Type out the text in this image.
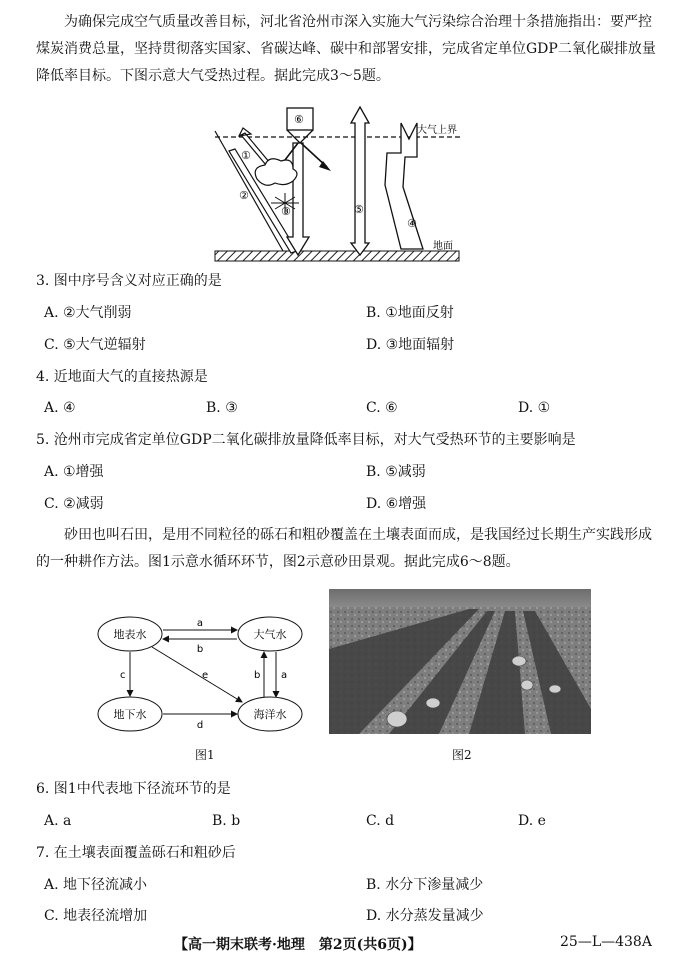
为确保完成空气质量改善目标，河北省沧州市深入实施大气污染综合治理十条措施指出：要严控煤炭消费总量，坚持贯彻落实国家、省碳达峰、碳中和部署安排，完成省定单位GDP二氧化碳排放量降低率目标。下图示意大气受热过程。据此完成3～5题。
①
②
③
④
⑤
⑥
大气上界
地面
3. 图中序号含义对应正确的是
A. ②大气削弱	B. ①地面反射
C. ⑤大气逆辐射	D. ③地面辐射
4. 近地面大气的直接热源是
A. ④	B. ③	C. ⑥	D. ①
5. 沧州市完成省定单位GDP二氧化碳排放量降低率目标，对大气受热环节的主要影响是
A. ①增强	B. ⑤减弱
C. ②减弱	D. ⑥增强
砂田也叫石田，是用不同粒径的砾石和粗砂覆盖在土壤表面而成，是我国经过长期生产实践形成的一种耕作方法。图1示意水循环环节，图2示意砂田景观。据此完成6～8题。
地表水	大气水
地下水	海洋水
a
b
c	e
d
b a
图1	图2
6. 图1中代表地下径流环节的是
A. a	B. b	C. d	D. e
7. 在土壤表面覆盖砾石和粗砂后
A. 地下径流减小	B. 水分下渗量减少
C. 地表径流增加	D. 水分蒸发量减少
【高一期末联考·地理　第2页(共6页)】	25—L—438A
